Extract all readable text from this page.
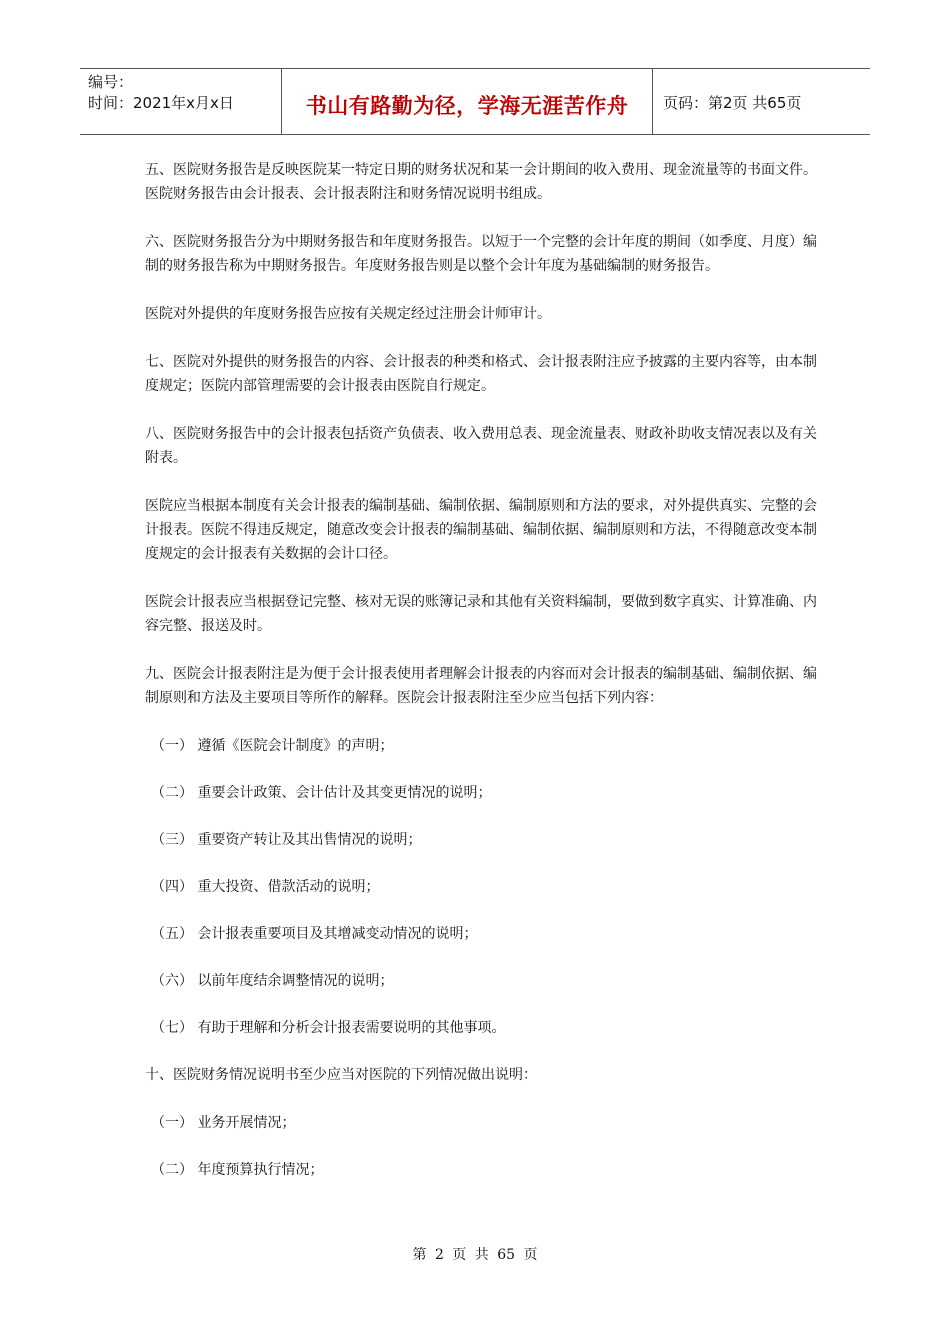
编号：
时间：2021年x月x日	书山有路勤为径，学海无涯苦作舟	页码：第2页 共65页

五、医院财务报告是反映医院某一特定日期的财务状况和某一会计期间的收入费用、现金流量等的书面文件。医院财务报告由会计报表、会计报表附注和财务情况说明书组成。

六、医院财务报告分为中期财务报告和年度财务报告。以短于一个完整的会计年度的期间（如季度、月度）编制的财务报告称为中期财务报告。年度财务报告则是以整个会计年度为基础编制的财务报告。

医院对外提供的年度财务报告应按有关规定经过注册会计师审计。

七、医院对外提供的财务报告的内容、会计报表的种类和格式、会计报表附注应予披露的主要内容等，由本制度规定；医院内部管理需要的会计报表由医院自行规定。

八、医院财务报告中的会计报表包括资产负债表、收入费用总表、现金流量表、财政补助收支情况表以及有关附表。

医院应当根据本制度有关会计报表的编制基础、编制依据、编制原则和方法的要求，对外提供真实、完整的会计报表。医院不得违反规定，随意改变会计报表的编制基础、编制依据、编制原则和方法，不得随意改变本制度规定的会计报表有关数据的会计口径。

医院会计报表应当根据登记完整、核对无误的账簿记录和其他有关资料编制，要做到数字真实、计算准确、内容完整、报送及时。

九、医院会计报表附注是为便于会计报表使用者理解会计报表的内容而对会计报表的编制基础、编制依据、编制原则和方法及主要项目等所作的解释。医院会计报表附注至少应当包括下列内容：

（一） 遵循《医院会计制度》的声明；

（二） 重要会计政策、会计估计及其变更情况的说明；

（三） 重要资产转让及其出售情况的说明；

（四） 重大投资、借款活动的说明；

（五） 会计报表重要项目及其增减变动情况的说明；

（六） 以前年度结余调整情况的说明；

（七） 有助于理解和分析会计报表需要说明的其他事项。

十、医院财务情况说明书至少应当对医院的下列情况做出说明：

（一） 业务开展情况；

（二） 年度预算执行情况；

第 2 页 共 65 页
